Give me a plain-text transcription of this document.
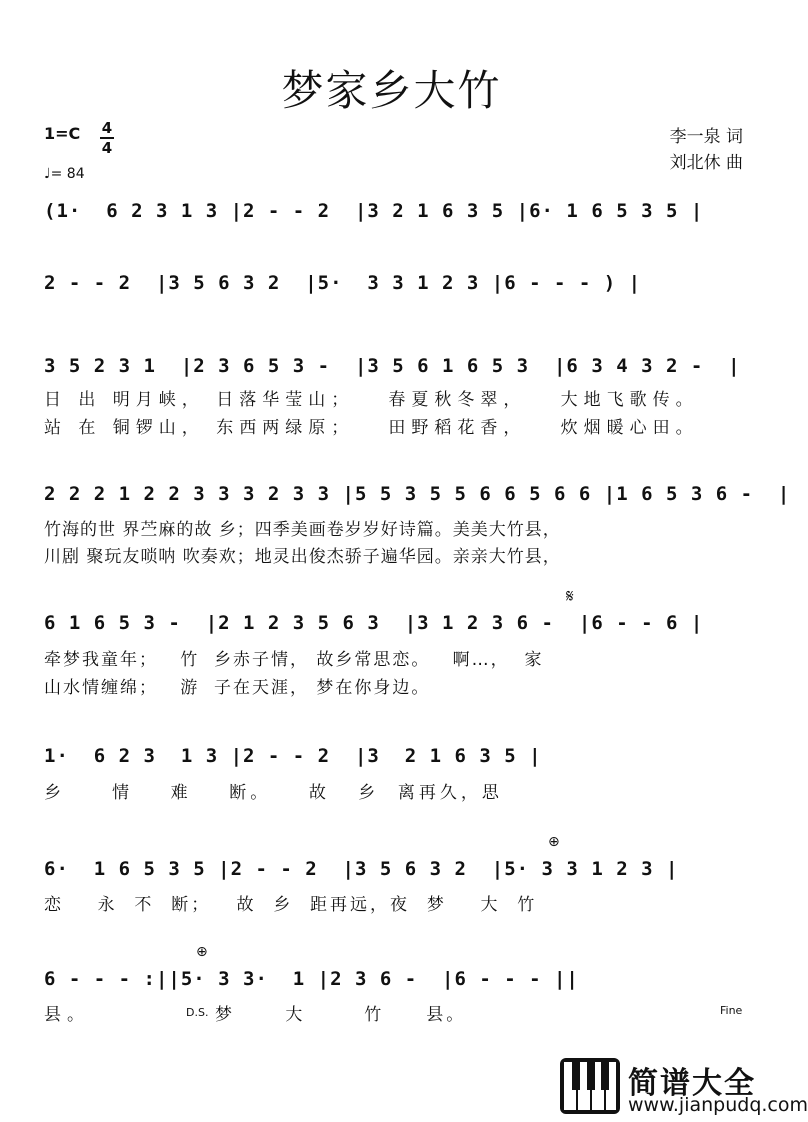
梦家乡大竹
1=C 4
4
♩= 84
李一泉 词
刘北休 曲
(1·  6 2 3 1 3 |2 - - 2  |3 2 1 6 3 5 |6· 1 6 5 3 5 |
2 - - 2  |3 5 6 3 2  |5·  3 3 1 2 3 |6 - - - ) |
3 5 2 3 1  |2 3 6 5 3 -  |3 5 6 1 6 5 3  |6 3 4 3 2 -  |
日 出 明月峡， 日落华莹山；   春夏秋冬翠，   大地飞歌传。
站 在 铜锣山， 东西两绿原；   田野稻花香，   炊烟暖心田。
2 2 2 1 2 2 3 3 3 2 3 3 |5 5 3 5 5 6 6 5 6 6 |1 6 5 3 6 -  |
竹海的世 界苎麻的故 乡；四季美画卷岁岁好诗篇。美美大竹县，
川剧 聚玩友唢呐 吹奏欢；地灵出俊杰骄子遍华园。亲亲大竹县，
6 1 6 5 3 -  |2 1 2 3 5 6 3  |3 1 2 3 6 -  |6 - - 6 |
牵梦我童年；   竹  乡赤子情， 故乡常思恋。   啊…，  家
山水情缠绵；   游  子在天涯， 梦在你身边。
1·  6 2 3  1 3 |2 - - 2  |3  2 1 6 3 5 |
乡     情    难    断。    故   乡  离再久，思
6·  1 6 5 3 5 |2 - - 2  |3 5 6 3 2  |5· 3 3 1 2 3 |
恋    永  不  断；   故  乡  距再远，夜  梦    大  竹
6 - - - :||5· 3 3·  1 |2 3 6 -  |6 - - - ||
县。	梦      大       竹     县。
𝄋
⊕
⊕
D.S.	Fine
简谱大全
www.jianpudq.com
